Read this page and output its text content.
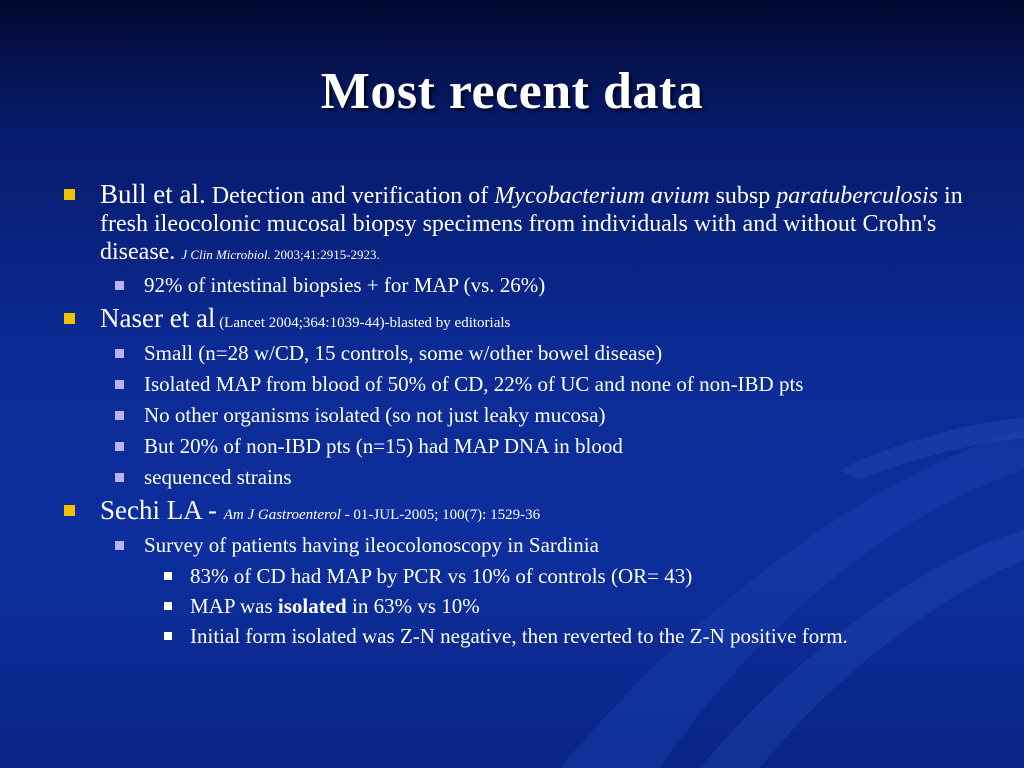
Most recent data
Bull et al. Detection and verification of Mycobacterium avium subsp paratuberculosis in fresh ileocolonic mucosal biopsy specimens from individuals with and without Crohn's disease. J Clin Microbiol. 2003;41:2915-2923.
92% of intestinal biopsies + for MAP (vs. 26%)
Naser et al (Lancet 2004;364:1039-44)-blasted by editorials
Small (n=28 w/CD, 15 controls, some w/other bowel disease)
Isolated MAP from blood of 50% of CD, 22% of UC and none of non-IBD pts
No other organisms isolated (so not just leaky mucosa)
But 20% of non-IBD pts (n=15) had MAP DNA in blood
sequenced strains
Sechi LA - Am J Gastroenterol - 01-JUL-2005; 100(7): 1529-36
Survey of patients having ileocolonoscopy in Sardinia
83% of CD had MAP by PCR vs 10% of controls (OR= 43)
MAP was isolated in 63% vs 10%
Initial form isolated was Z-N negative, then reverted to the Z-N positive form.
